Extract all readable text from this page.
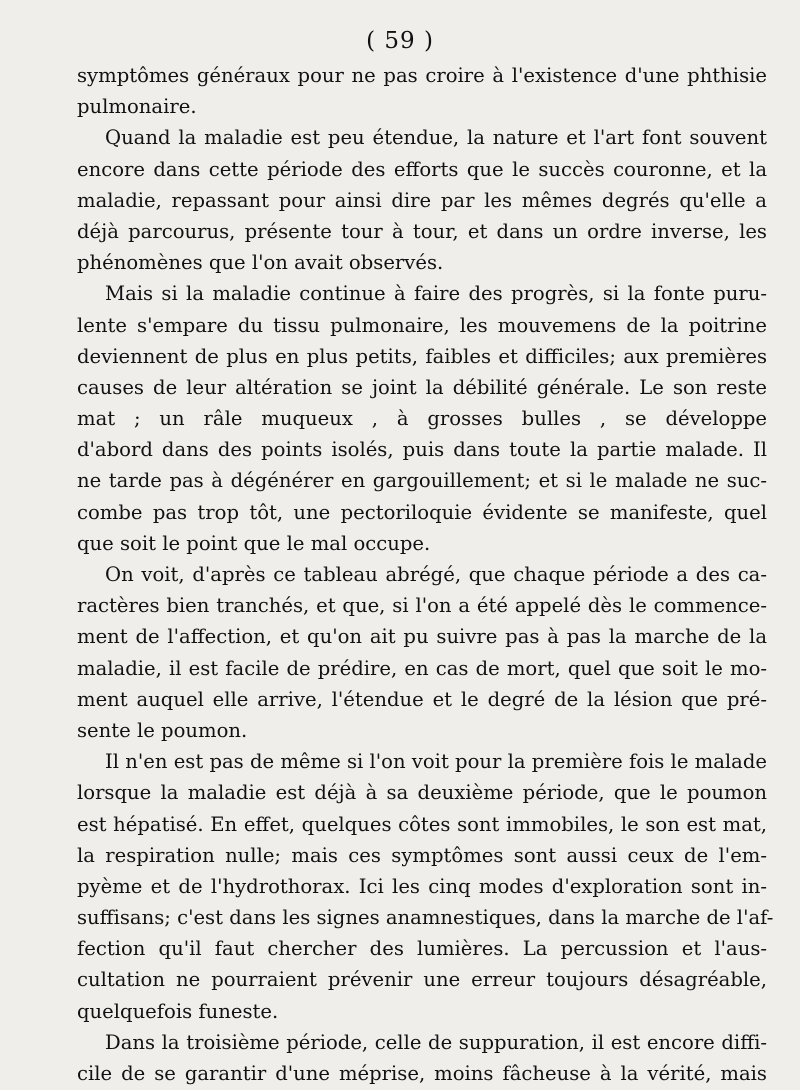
( 59 )
symptômes généraux pour ne pas croire à l'existence d'une phthisie
pulmonaire.
Quand la maladie est peu étendue, la nature et l'art font souvent
encore dans cette période des efforts que le succès couronne, et la
maladie, repassant pour ainsi dire par les mêmes degrés qu'elle a
déjà parcourus, présente tour à tour, et dans un ordre inverse, les
phénomènes que l'on avait observés.
Mais si la maladie continue à faire des progrès, si la fonte puru-
lente s'empare du tissu pulmonaire, les mouvemens de la poitrine
deviennent de plus en plus petits, faibles et difficiles; aux premières
causes de leur altération se joint la débilité générale. Le son reste
mat ; un râle muqueux , à grosses bulles , se développe
d'abord dans des points isolés, puis dans toute la partie malade. Il
ne tarde pas à dégénérer en gargouillement; et si le malade ne suc-
combe pas trop tôt, une pectoriloquie évidente se manifeste, quel
que soit le point que le mal occupe.
On voit, d'après ce tableau abrégé, que chaque période a des ca-
ractères bien tranchés, et que, si l'on a été appelé dès le commence-
ment de l'affection, et qu'on ait pu suivre pas à pas la marche de la
maladie, il est facile de prédire, en cas de mort, quel que soit le mo-
ment auquel elle arrive, l'étendue et le degré de la lésion que pré-
sente le poumon.
Il n'en est pas de même si l'on voit pour la première fois le malade
lorsque la maladie est déjà à sa deuxième période, que le poumon
est hépatisé. En effet, quelques côtes sont immobiles, le son est mat,
la respiration nulle; mais ces symptômes sont aussi ceux de l'em-
pyème et de l'hydrothorax. Ici les cinq modes d'exploration sont in-
suffisans; c'est dans les signes anamnestiques, dans la marche de l'af-
fection qu'il faut chercher des lumières. La percussion et l'aus-
cultation ne pourraient prévenir une erreur toujours désagréable,
quelquefois funeste.
Dans la troisième période, celle de suppuration, il est encore diffi-
cile de se garantir d'une méprise, moins fâcheuse à la vérité, mais
